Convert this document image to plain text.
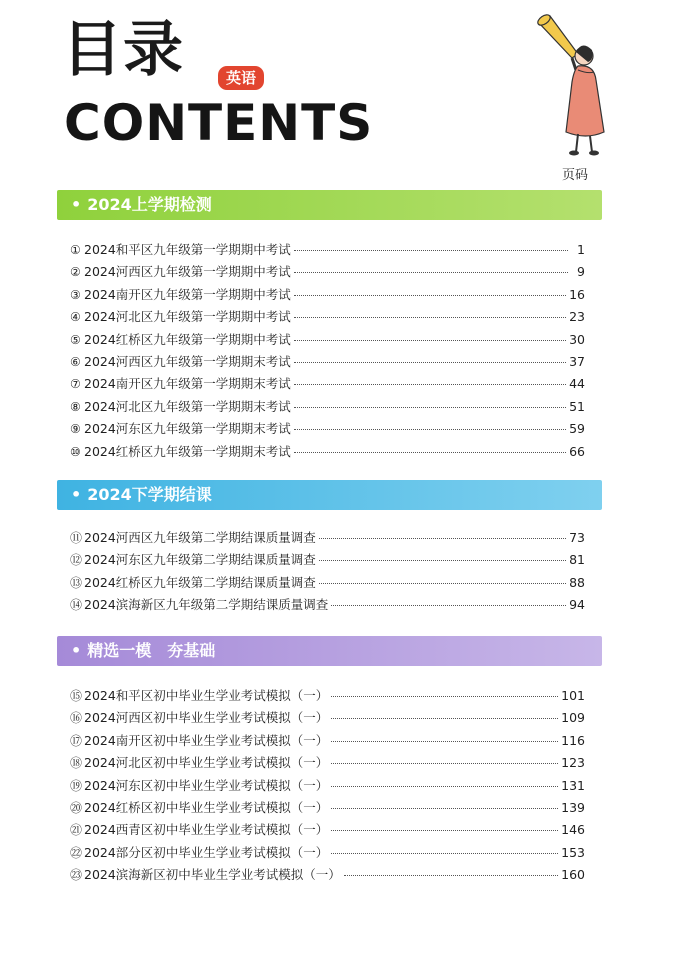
目录	英语
CONTENTS
页码
• 2024上学期检测
① 2024和平区九年级第一学期期中考试	1
② 2024河西区九年级第一学期期中考试	9
③ 2024南开区九年级第一学期期中考试	16
④ 2024河北区九年级第一学期期中考试	23
⑤ 2024红桥区九年级第一学期期中考试	30
⑥ 2024河西区九年级第一学期期末考试	37
⑦ 2024南开区九年级第一学期期末考试	44
⑧ 2024河北区九年级第一学期期末考试	51
⑨ 2024河东区九年级第一学期期末考试	59
⑩ 2024红桥区九年级第一学期期末考试	66
• 2024下学期结课
⑪ 2024河西区九年级第二学期结课质量调查	73
⑫ 2024河东区九年级第二学期结课质量调查	81
⑬ 2024红桥区九年级第二学期结课质量调查	88
⑭ 2024滨海新区九年级第二学期结课质量调查	94
• 精选一模　夯基础
⑮ 2024和平区初中毕业生学业考试模拟（一）	101
⑯ 2024河西区初中毕业生学业考试模拟（一）	109
⑰ 2024南开区初中毕业生学业考试模拟（一）	116
⑱ 2024河北区初中毕业生学业考试模拟（一）	123
⑲ 2024河东区初中毕业生学业考试模拟（一）	131
⑳ 2024红桥区初中毕业生学业考试模拟（一）	139
㉑ 2024西青区初中毕业生学业考试模拟（一）	146
㉒ 2024部分区初中毕业生学业考试模拟（一）	153
㉓ 2024滨海新区初中毕业生学业考试模拟（一）	160
